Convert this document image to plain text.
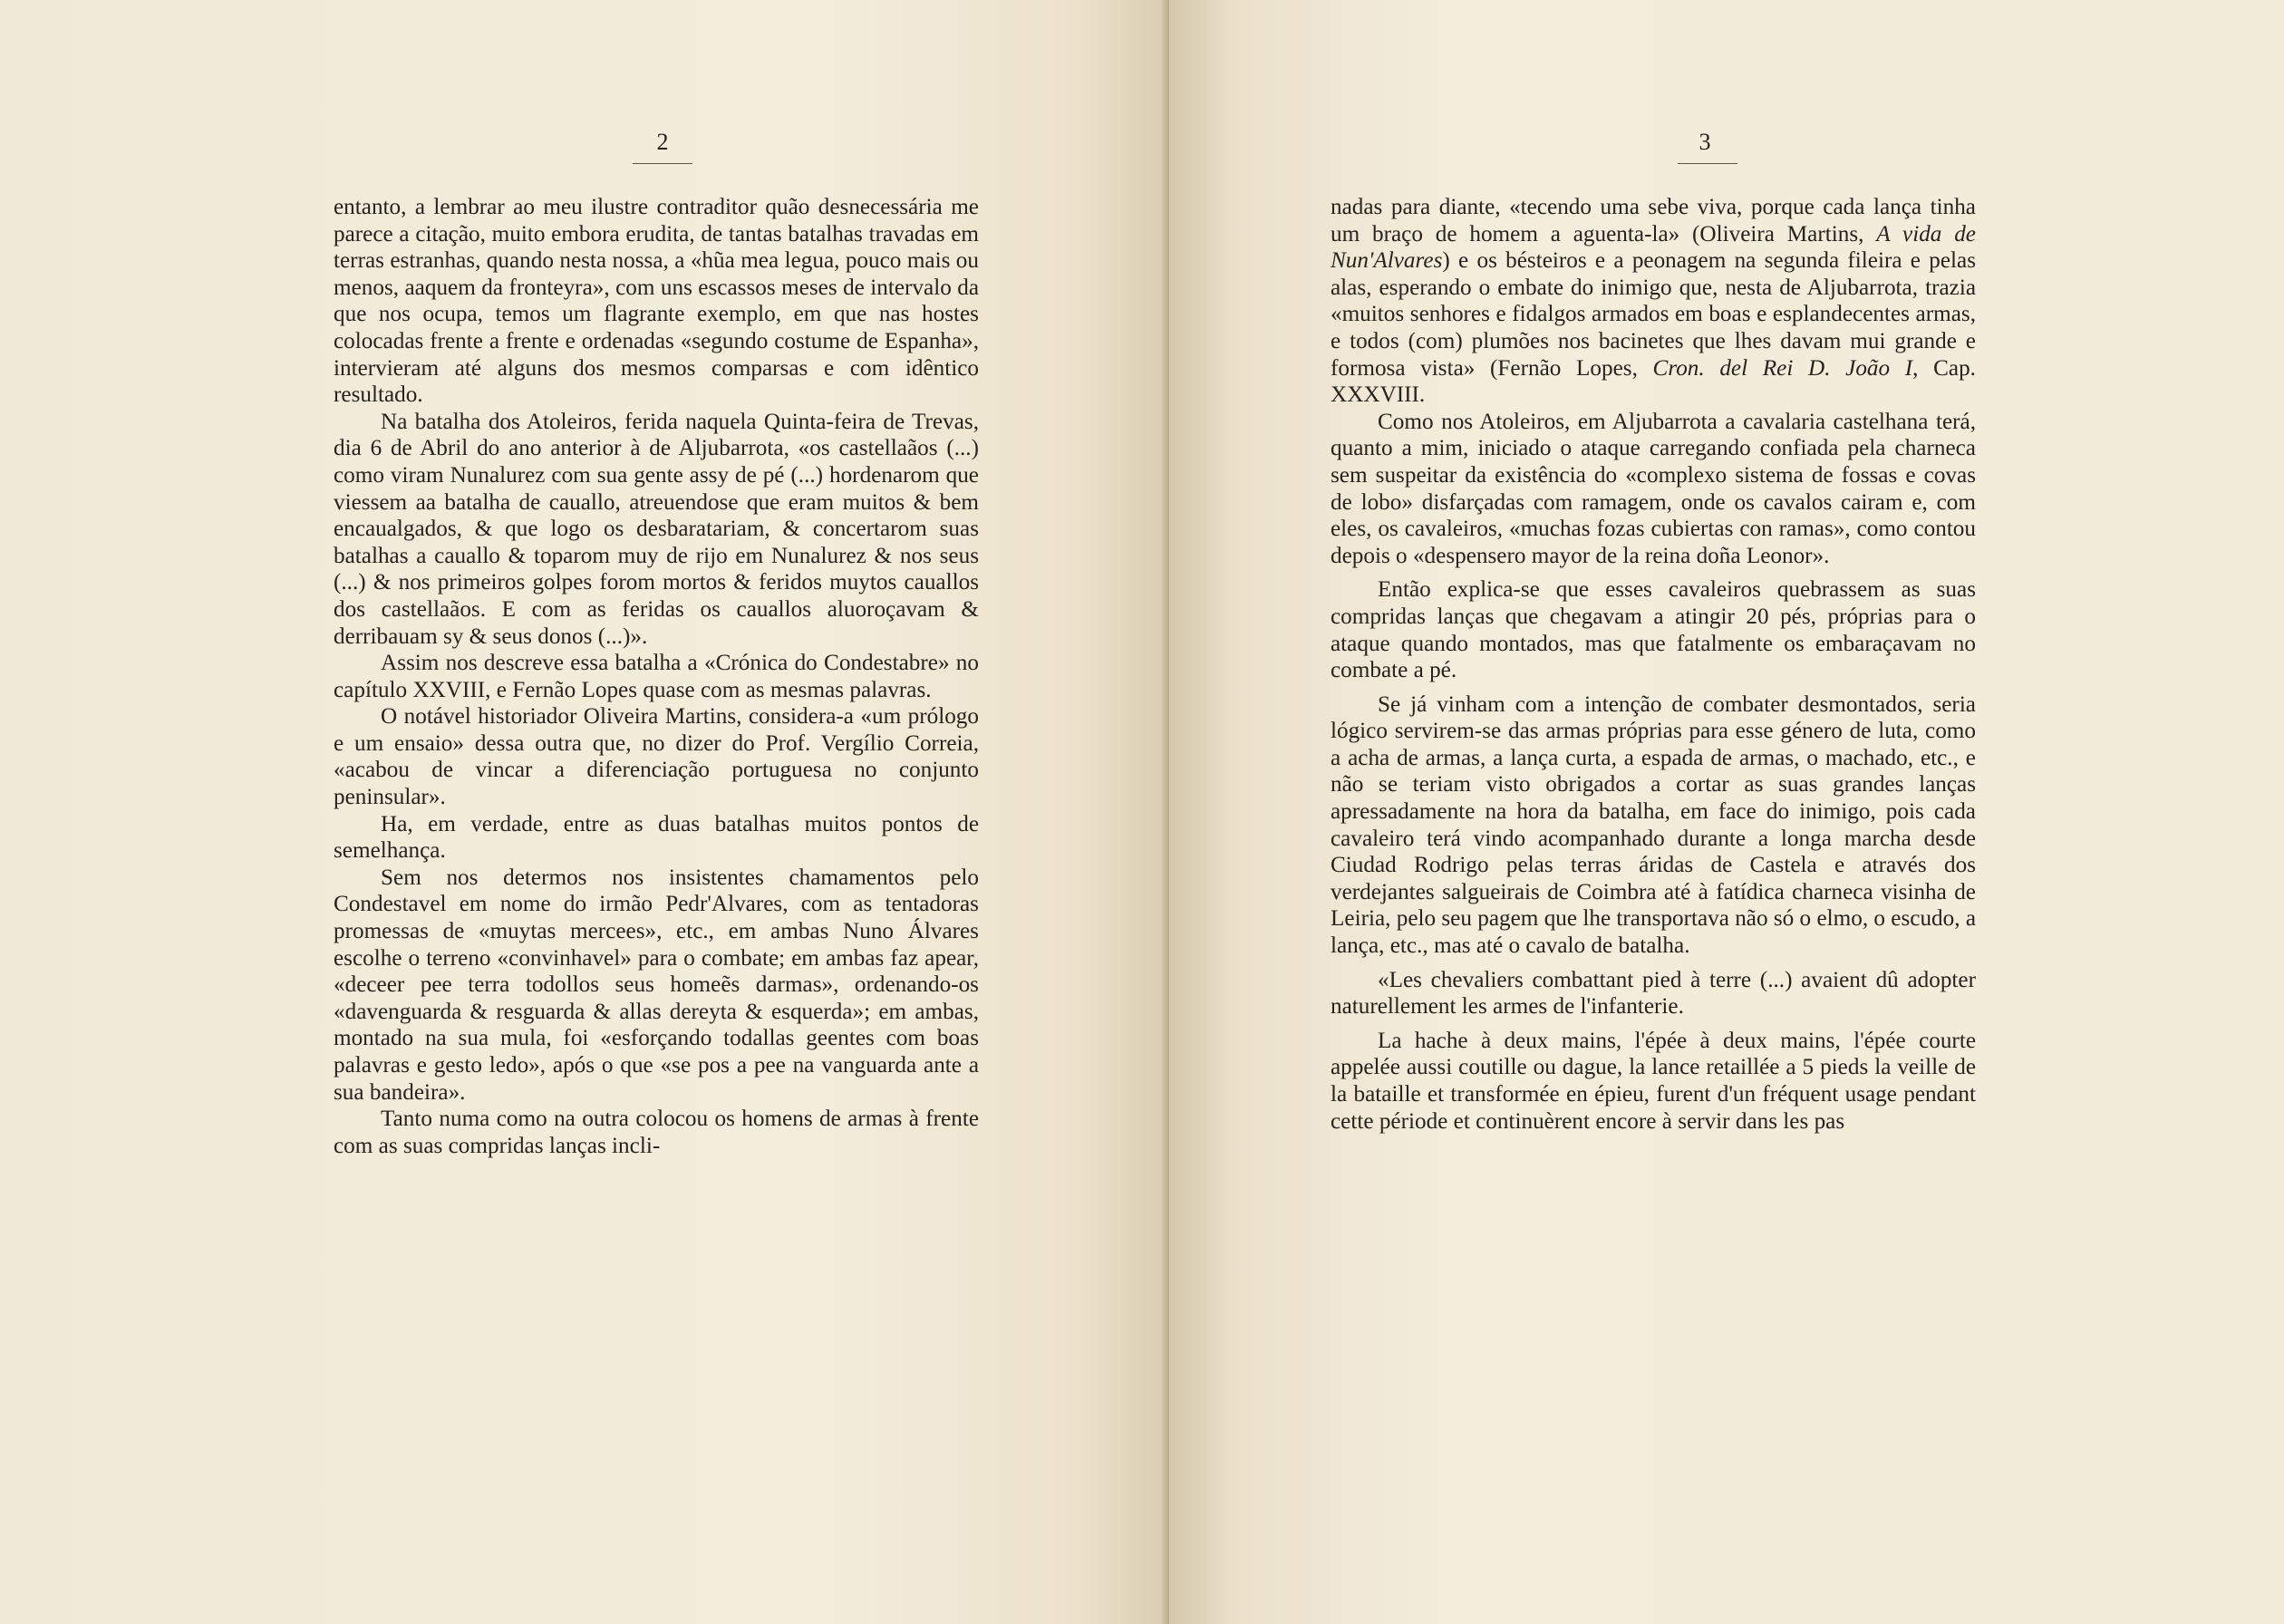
2

entanto, a lembrar ao meu ilustre contraditor quão desnecessária me parece a citação, muito embora erudita, de tantas batalhas travadas em terras estranhas, quando nesta nossa, a «hũa mea legua, pouco mais ou menos, aaquem da fronteyra», com uns escassos meses de intervalo da que nos ocupa, temos um flagrante exemplo, em que nas hostes colocadas frente a frente e ordenadas «segundo costume de Espanha», intervieram até alguns dos mesmos comparsas e com idêntico resultado.

Na batalha dos Atoleiros, ferida naquela Quinta-feira de Trevas, dia 6 de Abril do ano anterior à de Aljubarrota, «os castellaãos (...) como viram Nunalurez com sua gente assy de pé (...) hordenarom que viessem aa batalha de cauallo, atreuendose que eram muitos & bem encaualgados, & que logo os desbaratariam, & concertarom suas batalhas a cauallo & toparom muy de rijo em Nunalurez & nos seus (...) & nos primeiros golpes forom mortos & feridos muytos cauallos dos castellaãos. E com as feridas os cauallos aluoroçavam & derribauam sy & seus donos (...)».

Assim nos descreve essa batalha a «Crónica do Condestabre» no capítulo XXVIII, e Fernão Lopes quase com as mesmas palavras.

O notável historiador Oliveira Martins, considera-a «um prólogo e um ensaio» dessa outra que, no dizer do Prof. Vergílio Correia, «acabou de vincar a diferenciação portuguesa no conjunto peninsular».

Ha, em verdade, entre as duas batalhas muitos pontos de semelhança.

Sem nos determos nos insistentes chamamentos pelo Condestavel em nome do irmão Pedr'Alvares, com as tentadoras promessas de «muytas mercees», etc., em ambas Nuno Álvares escolhe o terreno «convinhavel» para o combate; em ambas faz apear, «deceer pee terra todollos seus homeẽs darmas», ordenando-os «davenguarda & resguarda & allas dereyta & esquerda»; em ambas, montado na sua mula, foi «esforçando todallas geentes com boas palavras e gesto ledo», após o que «se pos a pee na vanguarda ante a sua bandeira».

Tanto numa como na outra colocou os homens de armas à frente com as suas compridas lanças incli-

3

nadas para diante, «tecendo uma sebe viva, porque cada lança tinha um braço de homem a aguenta-la» (Oliveira Martins, A vida de Nun'Alvares) e os bésteiros e a peonagem na segunda fileira e pelas alas, esperando o embate do inimigo que, nesta de Aljubarrota, trazia «muitos senhores e fidalgos armados em boas e esplandecentes armas, e todos (com) plumões nos bacinetes que lhes davam mui grande e formosa vista» (Fernão Lopes, Cron. del Rei D. João I, Cap. XXXVIII.

Como nos Atoleiros, em Aljubarrota a cavalaria castelhana terá, quanto a mim, iniciado o ataque carregando confiada pela charneca sem suspeitar da existência do «complexo sistema de fossas e covas de lobo» disfarçadas com ramagem, onde os cavalos cairam e, com eles, os cavaleiros, «muchas fozas cubiertas con ramas», como contou depois o «despensero mayor de la reina doña Leonor».

Então explica-se que esses cavaleiros quebrassem as suas compridas lanças que chegavam a atingir 20 pés, próprias para o ataque quando montados, mas que fatalmente os embaraçavam no combate a pé.

Se já vinham com a intenção de combater desmontados, seria lógico servirem-se das armas próprias para esse género de luta, como a acha de armas, a lança curta, a espada de armas, o machado, etc., e não se teriam visto obrigados a cortar as suas grandes lanças apressadamente na hora da batalha, em face do inimigo, pois cada cavaleiro terá vindo acompanhado durante a longa marcha desde Ciudad Rodrigo pelas terras áridas de Castela e através dos verdejantes salgueirais de Coimbra até à fatídica charneca visinha de Leiria, pelo seu pagem que lhe transportava não só o elmo, o escudo, a lança, etc., mas até o cavalo de batalha.

«Les chevaliers combattant pied à terre (...) avaient dû adopter naturellement les armes de l'infanterie.

La hache à deux mains, l'épée à deux mains, l'épée courte appelée aussi coutille ou dague, la lance retaillée a 5 pieds la veille de la bataille et transformée en épieu, furent d'un fréquent usage pendant cette période et continuèrent encore à servir dans les pas
